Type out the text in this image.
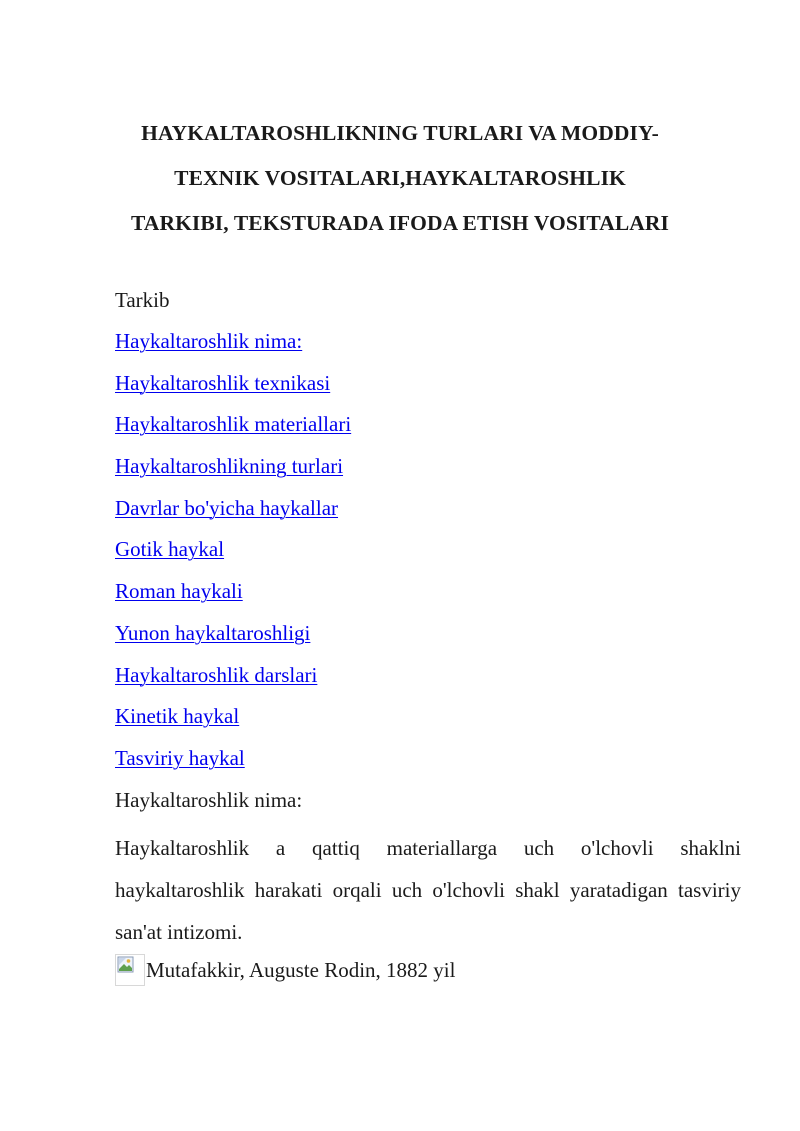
HAYKALTAROSHLIKNING TURLARI VA MODDIY-
TEXNIK VOSITALARI,HAYKALTAROSHLIK
TARKIBI, TEKSTURADA IFODA ETISH VOSITALARI

Tarkib

Haykaltaroshlik nima:
Haykaltaroshlik texnikasi
Haykaltaroshlik materiallari
Haykaltaroshlikning turlari
Davrlar bo'yicha haykallar
Gotik haykal
Roman haykali
Yunon haykaltaroshligi
Haykaltaroshlik darslari
Kinetik haykal
Tasviriy haykal

Haykaltaroshlik nima:

Haykaltaroshlik a qattiq materiallarga uch o'lchovli shaklni haykaltaroshlik harakati orqali uch o'lchovli shakl yaratadigan tasviriy san'at intizomi.

Mutafakkir, Auguste Rodin, 1882 yil
